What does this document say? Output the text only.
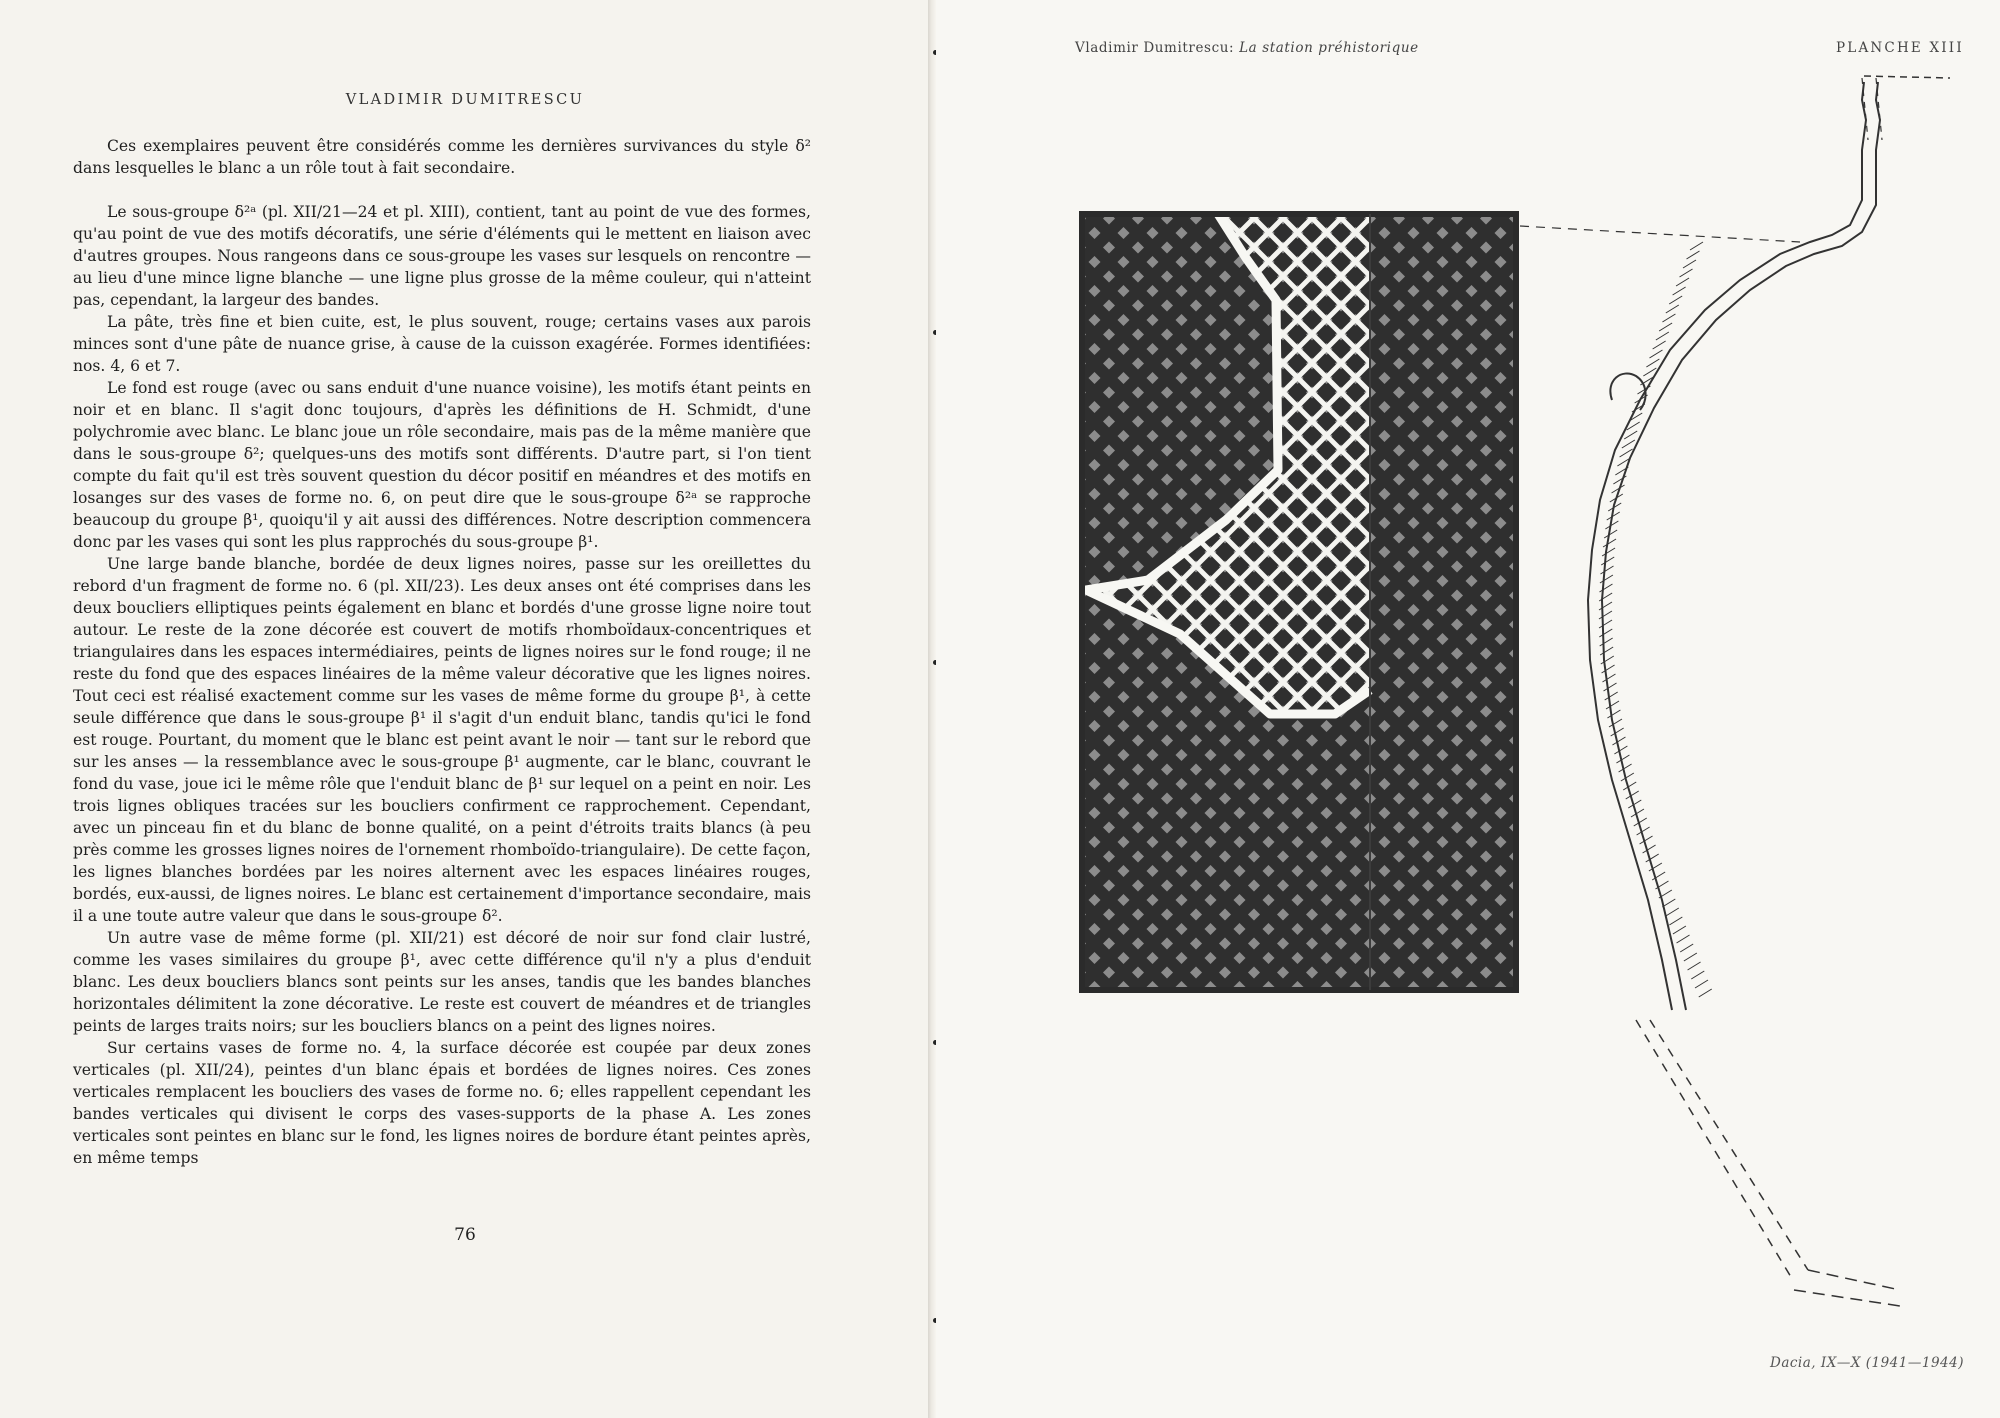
VLADIMIR DUMITRESCU

Ces exemplaires peuvent être considérés comme les dernières survivances du style δ² dans lesquelles le blanc a un rôle tout à fait secondaire.

Le sous-groupe δ²ᵃ (pl. XII/21—24 et pl. XIII), contient, tant au point de vue des formes, qu'au point de vue des motifs décoratifs, une série d'éléments qui le mettent en liaison avec d'autres groupes. Nous rangeons dans ce sous-groupe les vases sur lesquels on rencontre — au lieu d'une mince ligne blanche — une ligne plus grosse de la même couleur, qui n'atteint pas, cependant, la largeur des bandes.

La pâte, très fine et bien cuite, est, le plus souvent, rouge; certains vases aux parois minces sont d'une pâte de nuance grise, à cause de la cuisson exagérée. Formes identifiées: nos. 4, 6 et 7.

Le fond est rouge (avec ou sans enduit d'une nuance voisine), les motifs étant peints en noir et en blanc. Il s'agit donc toujours, d'après les définitions de H. Schmidt, d'une polychromie avec blanc. Le blanc joue un rôle secondaire, mais pas de la même manière que dans le sous-groupe δ²; quelques-uns des motifs sont différents. D'autre part, si l'on tient compte du fait qu'il est très souvent question du décor positif en méandres et des motifs en losanges sur des vases de forme no. 6, on peut dire que le sous-groupe δ²ᵃ se rapproche beaucoup du groupe β¹, quoiqu'il y ait aussi des différences. Notre description commencera donc par les vases qui sont les plus rapprochés du sous-groupe β¹.

Une large bande blanche, bordée de deux lignes noires, passe sur les oreillettes du rebord d'un fragment de forme no. 6 (pl. XII/23). Les deux anses ont été comprises dans les deux boucliers elliptiques peints également en blanc et bordés d'une grosse ligne noire tout autour. Le reste de la zone décorée est couvert de motifs rhomboïdaux-concentriques et triangulaires dans les espaces intermédiaires, peints de lignes noires sur le fond rouge; il ne reste du fond que des espaces linéaires de la même valeur décorative que les lignes noires. Tout ceci est réalisé exactement comme sur les vases de même forme du groupe β¹, à cette seule différence que dans le sous-groupe β¹ il s'agit d'un enduit blanc, tandis qu'ici le fond est rouge. Pourtant, du moment que le blanc est peint avant le noir — tant sur le rebord que sur les anses — la ressemblance avec le sous-groupe β¹ augmente, car le blanc, couvrant le fond du vase, joue ici le même rôle que l'enduit blanc de β¹ sur lequel on a peint en noir. Les trois lignes obliques tracées sur les boucliers confirment ce rapprochement. Cependant, avec un pinceau fin et du blanc de bonne qualité, on a peint d'étroits traits blancs (à peu près comme les grosses lignes noires de l'ornement rhomboïdo-triangulaire). De cette façon, les lignes blanches bordées par les noires alternent avec les espaces linéaires rouges, bordés, eux-aussi, de lignes noires. Le blanc est certainement d'importance secondaire, mais il a une toute autre valeur que dans le sous-groupe δ².

Un autre vase de même forme (pl. XII/21) est décoré de noir sur fond clair lustré, comme les vases similaires du groupe β¹, avec cette différence qu'il n'y a plus d'enduit blanc. Les deux boucliers blancs sont peints sur les anses, tandis que les bandes blanches horizontales délimitent la zone décorative. Le reste est couvert de méandres et de triangles peints de larges traits noirs; sur les boucliers blancs on a peint des lignes noires.

Sur certains vases de forme no. 4, la surface décorée est coupée par deux zones verticales (pl. XII/24), peintes d'un blanc épais et bordées de lignes noires. Ces zones verticales remplacent les boucliers des vases de forme no. 6; elles rappellent cependant les bandes verticales qui divisent le corps des vases-supports de la phase A. Les zones verticales sont peintes en blanc sur le fond, les lignes noires de bordure étant peintes après, en même temps

76
Vladimir Dumitrescu: La station préhistorique	PLANCHE XIII
Dacia, IX—X (1941—1944)
